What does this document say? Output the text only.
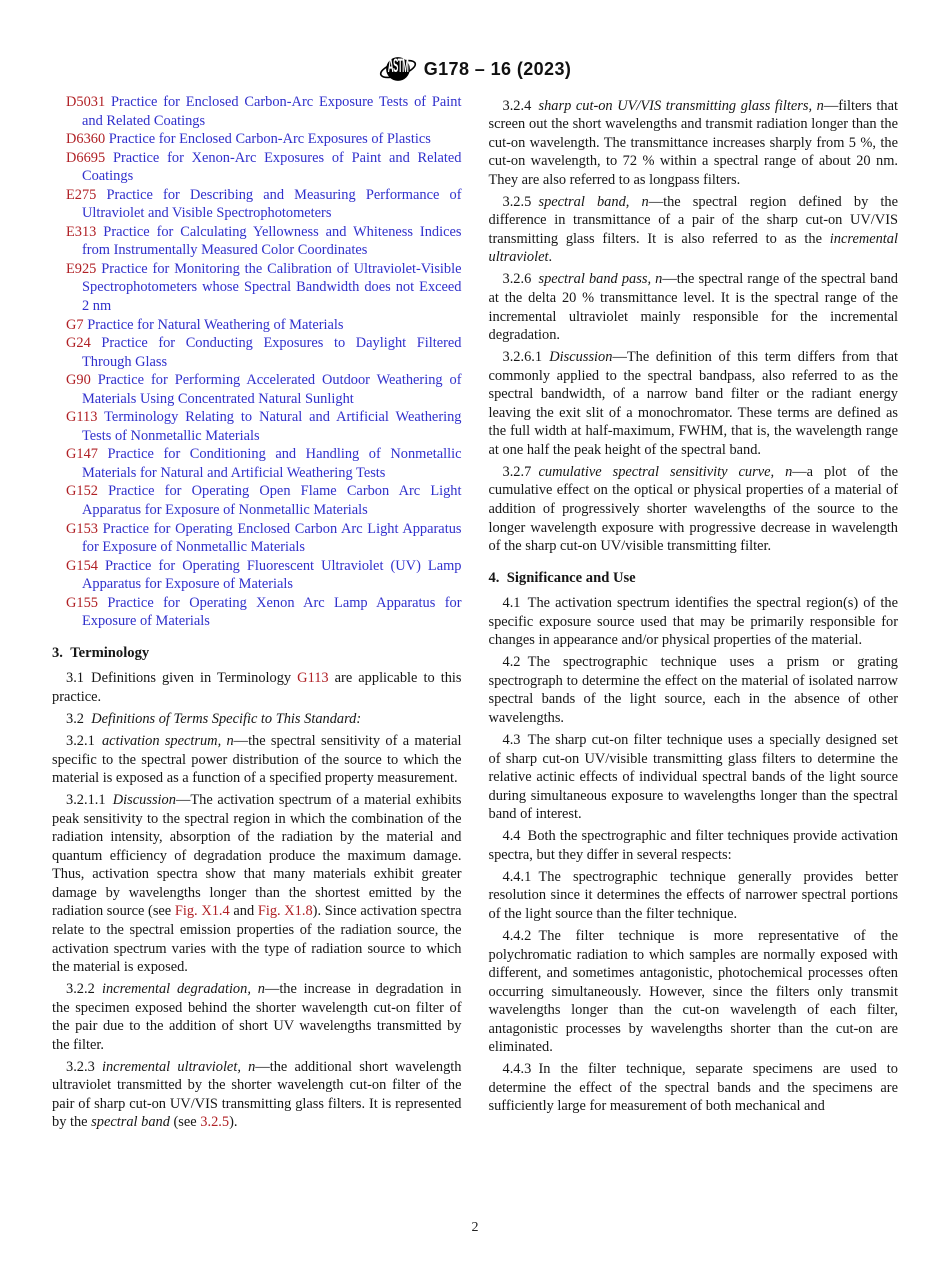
ASTM G178 – 16 (2023)
D5031 Practice for Enclosed Carbon-Arc Exposure Tests of Paint and Related Coatings
D6360 Practice for Enclosed Carbon-Arc Exposures of Plastics
D6695 Practice for Xenon-Arc Exposures of Paint and Related Coatings
E275 Practice for Describing and Measuring Performance of Ultraviolet and Visible Spectrophotometers
E313 Practice for Calculating Yellowness and Whiteness Indices from Instrumentally Measured Color Coordinates
E925 Practice for Monitoring the Calibration of Ultraviolet-Visible Spectrophotometers whose Spectral Bandwidth does not Exceed 2 nm
G7 Practice for Natural Weathering of Materials
G24 Practice for Conducting Exposures to Daylight Filtered Through Glass
G90 Practice for Performing Accelerated Outdoor Weathering of Materials Using Concentrated Natural Sunlight
G113 Terminology Relating to Natural and Artificial Weathering Tests of Nonmetallic Materials
G147 Practice for Conditioning and Handling of Nonmetallic Materials for Natural and Artificial Weathering Tests
G152 Practice for Operating Open Flame Carbon Arc Light Apparatus for Exposure of Nonmetallic Materials
G153 Practice for Operating Enclosed Carbon Arc Light Apparatus for Exposure of Nonmetallic Materials
G154 Practice for Operating Fluorescent Ultraviolet (UV) Lamp Apparatus for Exposure of Materials
G155 Practice for Operating Xenon Arc Lamp Apparatus for Exposure of Materials
3. Terminology

3.1 Definitions given in Terminology G113 are applicable to this practice.

3.2 Definitions of Terms Specific to This Standard:

3.2.1 activation spectrum, n—the spectral sensitivity of a material specific to the spectral power distribution of the source to which the material is exposed as a function of a specified property measurement.

3.2.1.1 Discussion—The activation spectrum of a material exhibits peak sensitivity to the spectral region in which the combination of the radiation intensity, absorption of the radiation by the material and quantum efficiency of degradation produce the maximum damage. Thus, activation spectra show that many materials exhibit greater damage by wavelengths longer than the shortest emitted by the radiation source (see Fig. X1.4 and Fig. X1.8). Since activation spectra relate to the spectral emission properties of the radiation source, the activation spectrum varies with the type of radiation source to which the material is exposed.

3.2.2 incremental degradation, n—the increase in degradation in the specimen exposed behind the shorter wavelength cut-on filter of the pair due to the addition of short UV wavelengths transmitted by the filter.

3.2.3 incremental ultraviolet, n—the additional short wavelength ultraviolet transmitted by the shorter wavelength cut-on filter of the pair of sharp cut-on UV/VIS transmitting glass filters. It is represented by the spectral band (see 3.2.5).

3.2.4 sharp cut-on UV/VIS transmitting glass filters, n—filters that screen out the short wavelengths and transmit radiation longer than the cut-on wavelength. The transmittance increases sharply from 5 %, the cut-on wavelength, to 72 % within a spectral range of about 20 nm. They are also referred to as longpass filters.

3.2.5 spectral band, n—the spectral region defined by the difference in transmittance of a pair of the sharp cut-on UV/VIS transmitting glass filters. It is also referred to as the incremental ultraviolet.

3.2.6 spectral band pass, n—the spectral range of the spectral band at the delta 20 % transmittance level. It is the spectral range of the incremental ultraviolet mainly responsible for the incremental degradation.

3.2.6.1 Discussion—The definition of this term differs from that commonly applied to the spectral bandpass, also referred to as the spectral bandwidth, of a narrow band filter or the radiant energy leaving the exit slit of a monochromator. These terms are defined as the full width at half-maximum, FWHM, that is, the wavelength range at one half the peak height of the spectral band.

3.2.7 cumulative spectral sensitivity curve, n—a plot of the cumulative effect on the optical or physical properties of a material of addition of progressively shorter wavelengths of the source to the longer wavelength exposure with progressive decrease in wavelength of the sharp cut-on UV/visible transmitting filter.

4. Significance and Use

4.1 The activation spectrum identifies the spectral region(s) of the specific exposure source used that may be primarily responsible for changes in appearance and/or physical properties of the material.

4.2 The spectrographic technique uses a prism or grating spectrograph to determine the effect on the material of isolated narrow spectral bands of the light source, each in the absence of other wavelengths.

4.3 The sharp cut-on filter technique uses a specially designed set of sharp cut-on UV/visible transmitting glass filters to determine the relative actinic effects of individual spectral bands of the light source during simultaneous exposure to wavelengths longer than the spectral band of interest.

4.4 Both the spectrographic and filter techniques provide activation spectra, but they differ in several respects:

4.4.1 The spectrographic technique generally provides better resolution since it determines the effects of narrower spectral portions of the light source than the filter technique.

4.4.2 The filter technique is more representative of the polychromatic radiation to which samples are normally exposed with different, and sometimes antagonistic, photochemical processes often occurring simultaneously. However, since the filters only transmit wavelengths longer than the cut-on wavelength of each filter, antagonistic processes by wavelengths shorter than the cut-on are eliminated.

4.4.3 In the filter technique, separate specimens are used to determine the effect of the spectral bands and the specimens are sufficiently large for measurement of both mechanical and

2
